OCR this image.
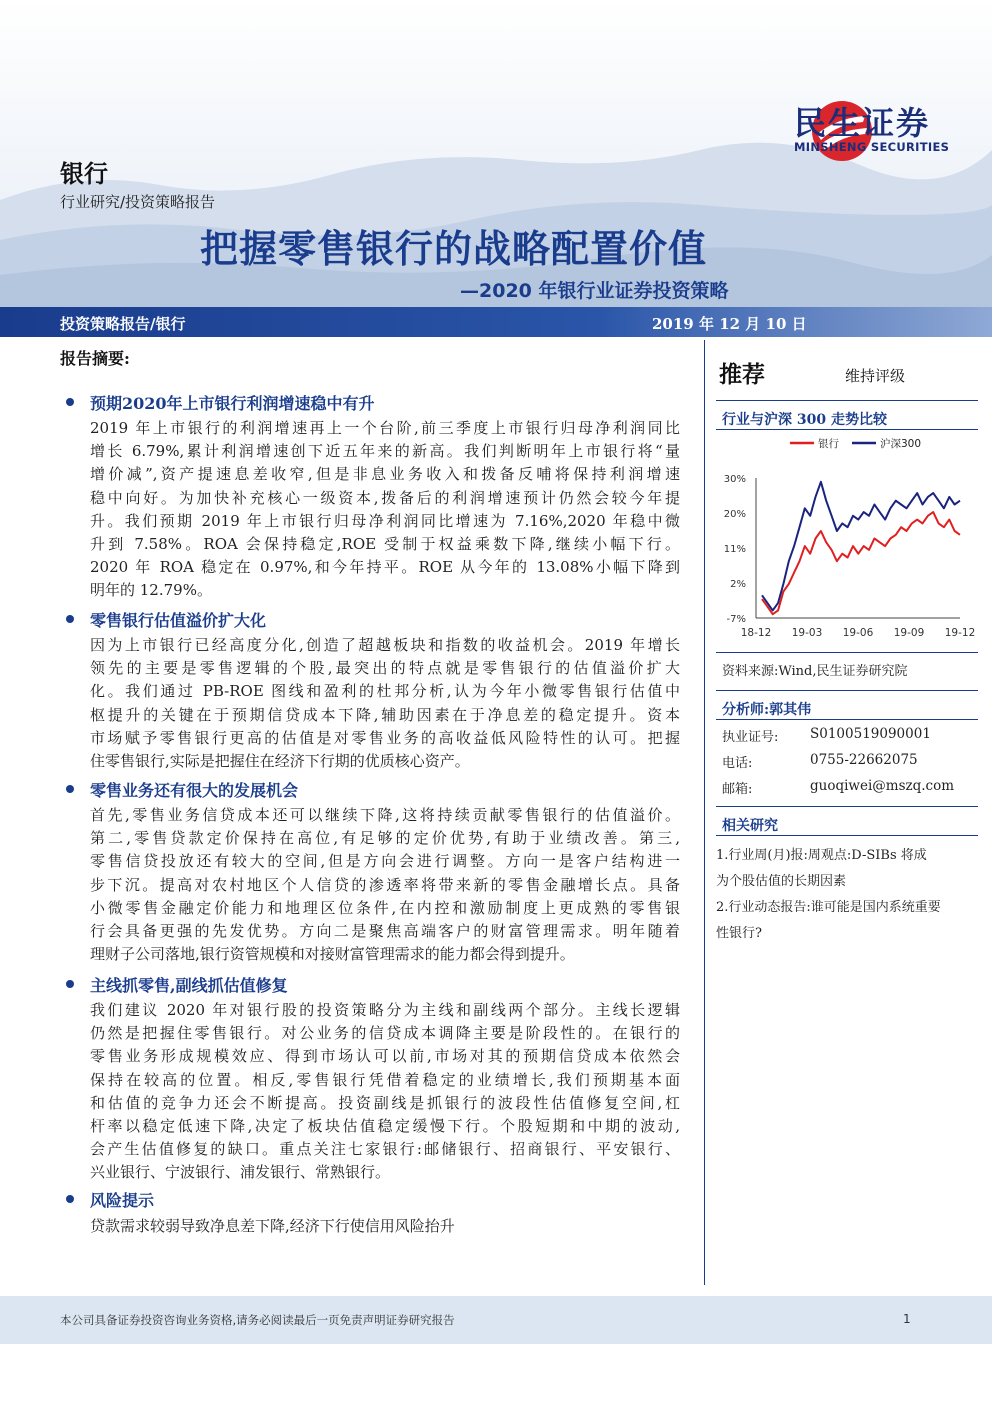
民生证券
MINSHENG SECURITIES
银行
行业研究/投资策略报告
把握零售银行的战略配置价值
—2020 年银行业证券投资策略
投资策略报告/银行	2019 年 12 月 10 日
报告摘要:
预期2020年上市银行利润增速稳中有升
2019 年上市银行的利润增速再上一个台阶,前三季度上市银行归母净利润同比
增长 6.79%,累计利润增速创下近五年来的新高。我们判断明年上市银行将“量
增价减”,资产提速息差收窄,但是非息业务收入和拨备反哺将保持利润增速
稳中向好。为加快补充核心一级资本,拨备后的利润增速预计仍然会较今年提
升。我们预期 2019 年上市银行归母净利润同比增速为 7.16%,2020 年稳中微
升到 7.58%。ROA 会保持稳定,ROE 受制于权益乘数下降,继续小幅下行。
2020 年 ROA 稳定在 0.97%,和今年持平。ROE 从今年的 13.08%小幅下降到
明年的 12.79%。
零售银行估值溢价扩大化
因为上市银行已经高度分化,创造了超越板块和指数的收益机会。2019 年增长
领先的主要是零售逻辑的个股,最突出的特点就是零售银行的估值溢价扩大
化。我们通过 PB-ROE 图线和盈利的杜邦分析,认为今年小微零售银行估值中
枢提升的关键在于预期信贷成本下降,辅助因素在于净息差的稳定提升。资本
市场赋予零售银行更高的估值是对零售业务的高收益低风险特性的认可。把握
住零售银行,实际是把握住在经济下行期的优质核心资产。
零售业务还有很大的发展机会
首先,零售业务信贷成本还可以继续下降,这将持续贡献零售银行的估值溢价。
第二,零售贷款定价保持在高位,有足够的定价优势,有助于业绩改善。第三,
零售信贷投放还有较大的空间,但是方向会进行调整。方向一是客户结构进一
步下沉。提高对农村地区个人信贷的渗透率将带来新的零售金融增长点。具备
小微零售金融定价能力和地理区位条件,在内控和激励制度上更成熟的零售银
行会具备更强的先发优势。方向二是聚焦高端客户的财富管理需求。明年随着
理财子公司落地,银行资管规模和对接财富管理需求的能力都会得到提升。
主线抓零售,副线抓估值修复
我们建议 2020 年对银行股的投资策略分为主线和副线两个部分。主线长逻辑
仍然是把握住零售银行。对公业务的信贷成本调降主要是阶段性的。在银行的
零售业务形成规模效应、得到市场认可以前,市场对其的预期信贷成本依然会
保持在较高的位置。相反,零售银行凭借着稳定的业绩增长,我们预期基本面
和估值的竞争力还会不断提高。投资副线是抓银行的波段性估值修复空间,杠
杆率以稳定低速下降,决定了板块估值稳定缓慢下行。个股短期和中期的波动,
会产生估值修复的缺口。重点关注七家银行:邮储银行、招商银行、平安银行、
兴业银行、宁波银行、浦发银行、常熟银行。
风险提示
贷款需求较弱导致净息差下降,经济下行使信用风险抬升
推荐	维持评级
行业与沪深 300 走势比较
银行	沪深300
30%
20%
11%
2%
-7%
18-12 19-03 19-06 19-09 19-12
资料来源:Wind,民生证券研究院
分析师:郭其伟
执业证号: S0100519090001
电话:	0755-22662075
邮箱:	guoqiwei@mszq.com
相关研究
1.行业周(月)报:周观点:D-SIBs 将成
为个股估值的长期因素
2.行业动态报告:谁可能是国内系统重要
性银行?
本公司具备证券投资咨询业务资格,请务必阅读最后一页免责声明证券研究报告	1
